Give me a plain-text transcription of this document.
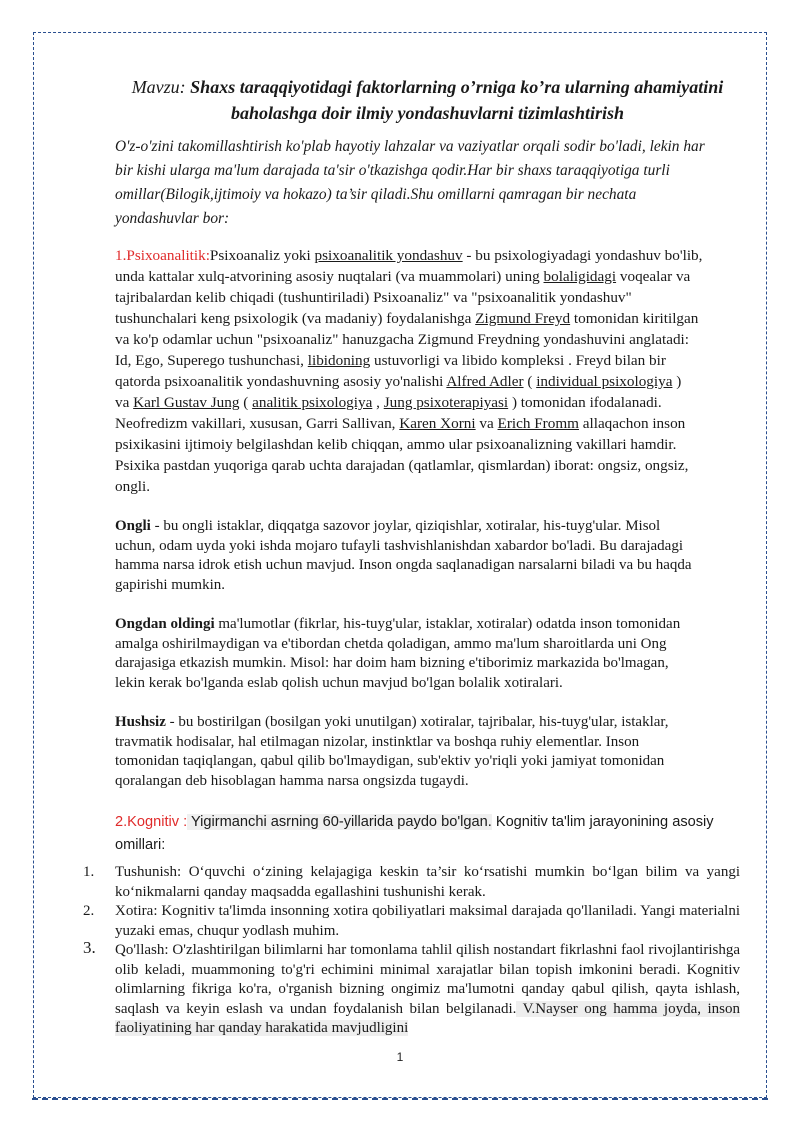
Mavzu: Shaxs taraqqiyotidagi faktorlarning o’rniga ko’ra ularning ahamiyatini
baholashga doir ilmiy yondashuvlarni tizimlashtirish

O'z-o'zini takomillashtirish ko'plab hayotiy lahzalar va vaziyatlar orqali sodir bo'ladi, lekin har
bir kishi ularga ma'lum darajada ta'sir o'tkazishga qodir.Har bir shaxs taraqqiyotiga turli
omillar(Bilogik,ijtimoiy va hokazo) ta’sir qiladi.Shu omillarni qamragan bir nechata
yondashuvlar bor:

1.Psixoanalitik:Psixoanaliz yoki psixoanalitik yondashuv - bu psixologiyadagi yondashuv bo'lib,
unda kattalar xulq-atvorining asosiy nuqtalari (va muammolari) uning bolaligidagi voqealar va
tajribalardan kelib chiqadi (tushuntiriladi) Psixoanaliz" va "psixoanalitik yondashuv"
tushunchalari keng psixologik (va madaniy) foydalanishga Zigmund Freyd tomonidan kiritilgan
va ko'p odamlar uchun "psixoanaliz" hanuzgacha Zigmund Freydning yondashuvini anglatadi:
Id, Ego, Superego tushunchasi, libidoning ustuvorligi va libido kompleksi . Freyd bilan bir
qatorda psixoanalitik yondashuvning asosiy yo'nalishi Alfred Adler ( individual psixologiya )
va Karl Gustav Jung ( analitik psixologiya , Jung psixoterapiyasi ) tomonidan ifodalanadi.
Neofredizm vakillari, xususan, Garri Sallivan, Karen Xorni va Erich Fromm allaqachon inson
psixikasini ijtimoiy belgilashdan kelib chiqqan, ammo ular psixoanalizning vakillari hamdir.
Psixika pastdan yuqoriga qarab uchta darajadan (qatlamlar, qismlardan) iborat: ongsiz, ongsiz,
ongli.

Ongli - bu ongli istaklar, diqqatga sazovor joylar, qiziqishlar, xotiralar, his-tuyg'ular. Misol
uchun, odam uyda yoki ishda mojaro tufayli tashvishlanishdan xabardor bo'ladi. Bu darajadagi
hamma narsa idrok etish uchun mavjud. Inson ongda saqlanadigan narsalarni biladi va bu haqda
gapirishi mumkin.

Ongdan oldingi ma'lumotlar (fikrlar, his-tuyg'ular, istaklar, xotiralar) odatda inson tomonidan
amalga oshirilmaydigan va e'tibordan chetda qoladigan, ammo ma'lum sharoitlarda uni Ong
darajasiga etkazish mumkin. Misol: har doim ham bizning e'tiborimiz markazida bo'lmagan,
lekin kerak bo'lganda eslab qolish uchun mavjud bo'lgan bolalik xotiralari.

Hushsiz - bu bostirilgan (bosilgan yoki unutilgan) xotiralar, tajribalar, his-tuyg'ular, istaklar,
travmatik hodisalar, hal etilmagan nizolar, instinktlar va boshqa ruhiy elementlar. Inson
tomonidan taqiqlangan, qabul qilib bo'lmaydigan, sub'ektiv yo'riqli yoki jamiyat tomonidan
qoralangan deb hisoblagan hamma narsa ongsizda tugaydi.

2.Kognitiv : Yigirmanchi asrning 60-yillarida paydo bo'lgan. Kognitiv ta'lim jarayonining asosiy
omillari:

1. Tushunish: O‘quvchi o‘zining kelajagiga keskin ta’sir ko‘rsatishi mumkin bo‘lgan bilim va yangi ko‘nikmalarni qanday maqsadda egallashini tushunishi kerak.
2. Xotira: Kognitiv ta'limda insonning xotira qobiliyatlari maksimal darajada qo'llaniladi. Yangi materialni yuzaki emas, chuqur yodlash muhim.
3. Qo'llash: O'zlashtirilgan bilimlarni har tomonlama tahlil qilish nostandart fikrlashni faol rivojlantirishga olib keladi, muammoning to'g'ri echimini minimal xarajatlar bilan topish imkonini beradi. Kognitiv olimlarning fikriga ko'ra, o'rganish bizning ongimiz ma'lumotni qanday qabul qilish, qayta ishlash, saqlash va keyin eslash va undan foydalanish bilan belgilanadi. V.Nayser ong hamma joyda, inson faoliyatining har qanday harakatida mavjudligini
1
